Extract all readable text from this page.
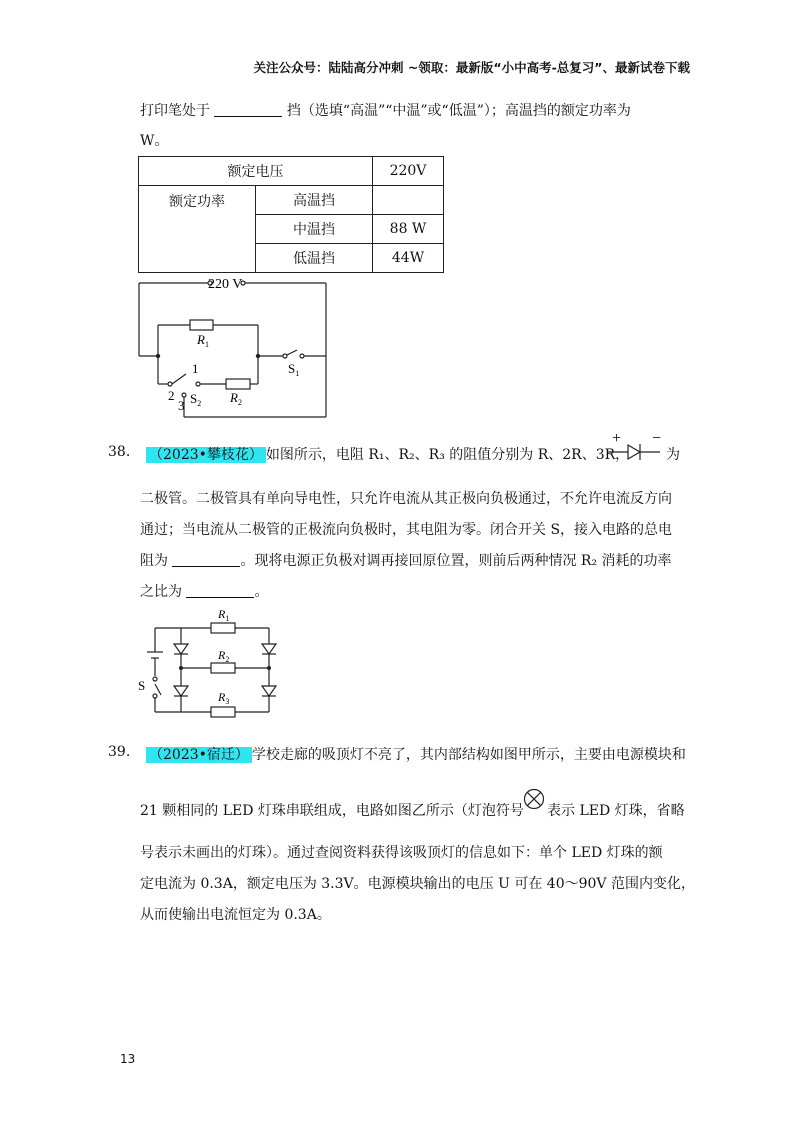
关注公众号：陆陆高分冲刺 ~领取：最新版“小中高考-总复习”、最新试卷下载
打印笔处于	挡（选填“高温”“中温”或“低温”）；高温挡的额定功率为
W。
额定电压		220V
额定功率	高温挡	
	中温挡	88 W
	低温挡	44W
220 V
$R_1$
$R_2$
$S_1$
$S_2$
1
2
3
38. （2023•攀枝花） 如图所示，电阻 R₁、R₂、R₃ 的阻值分别为 R、2R、3R，
+ −
为
二极管。二极管具有单向导电性，只允许电流从其正极向负极通过，不允许电流反方向
通过；当电流从二极管的正极流向负极时，其电阻为零。闭合开关 S，接入电路的总电
阻为	。现将电源正负极对调再接回原位置，则前后两种情况 R₂ 消耗的功率
之比为	。
$R_1$
$R_2$
$R_3$
S
39. （2023•宿迁） 学校走廊的吸顶灯不亮了，其内部结构如图甲所示，主要由电源模块和
21 颗相同的 LED 灯珠串联组成，电路如图乙所示（灯泡符号 表示 LED 灯珠，省略
号表示未画出的灯珠）。通过查阅资料获得该吸顶灯的信息如下：单个 LED 灯珠的额
定电流为 0.3A，额定电压为 3.3V。电源模块输出的电压 U 可在 40～90V 范围内变化，
从而使输出电流恒定为 0.3A。
13
